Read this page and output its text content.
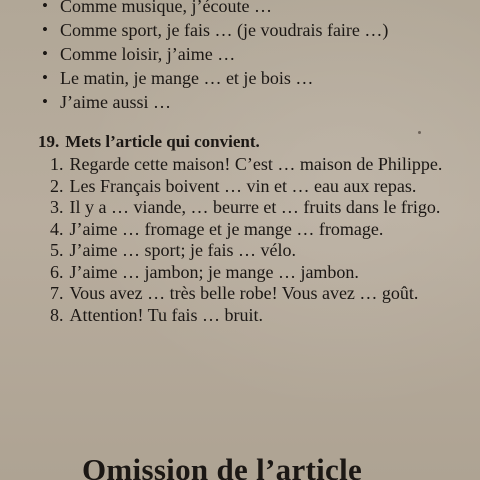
• Comme musique, j’écoute …
• Comme sport, je fais … (je voudrais faire …)
• Comme loisir, j’aime …
• Le matin, je mange … et je bois …
• J’aime aussi …
19. Mets l’article qui convient.
1. Regarde cette maison! C’est … maison de Philippe.
2. Les Français boivent … vin et … eau aux repas.
3. Il y a … viande, … beurre et … fruits dans le frigo.
4. J’aime … fromage et je mange … fromage.
5. J’aime … sport; je fais … vélo.
6. J’aime … jambon; je mange … jambon.
7. Vous avez … très belle robe! Vous avez … goût.
8. Attention! Tu fais … bruit.
Omission de l’article
